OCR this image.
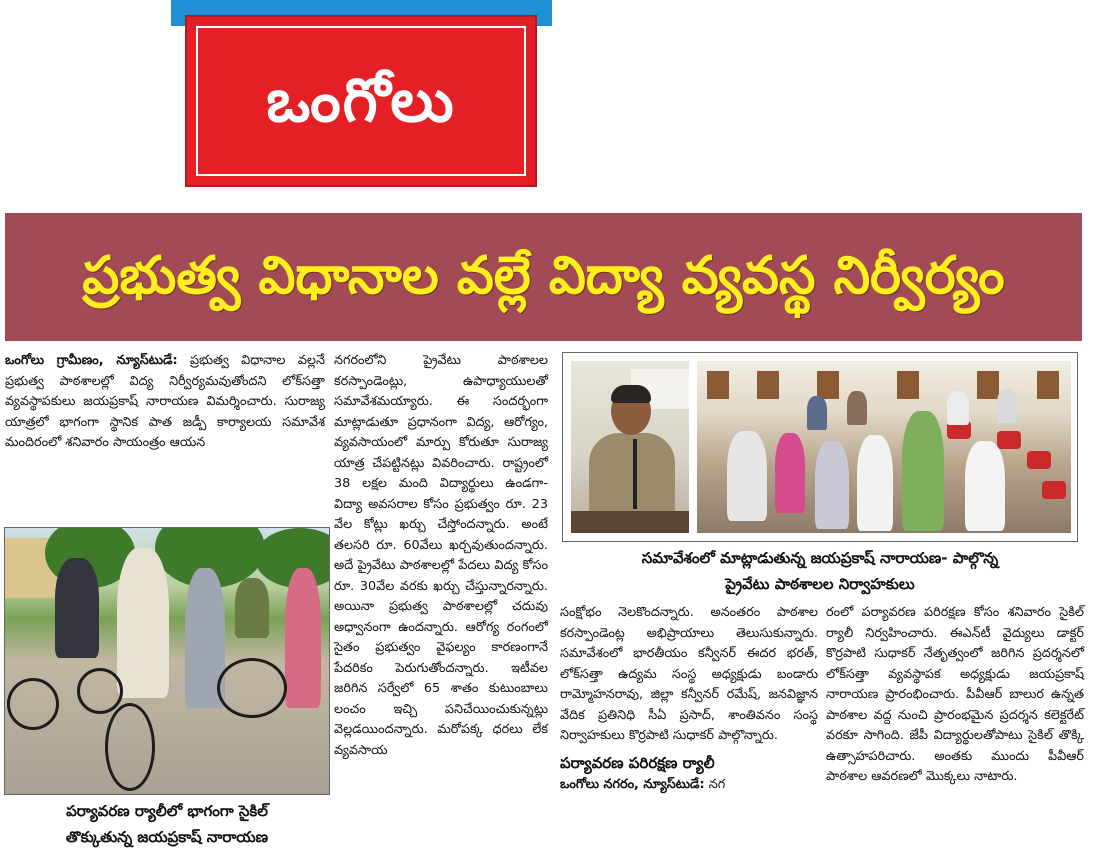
ఒంగోలు
ప్రభుత్వ విధానాల వల్లే విద్యా వ్యవస్థ నిర్వీర్యం

ఒంగోలు గ్రామీణం, న్యూస్‌టుడే: ప్రభుత్వ విధానాల వల్లనే ప్రభుత్వ పాఠశాలల్లో విద్య నిర్వీర్యమవుతోందని లోక్‌సత్తా వ్యవస్థాపకులు జయప్రకాష్ నారాయణ విమర్శించారు. సురాజ్య యాత్రలో భాగంగా స్థానిక పాత జడ్పీ కార్యాలయ సమావేశ మందిరంలో శనివారం సాయంత్రం ఆయన

నగరంలోని ప్రైవేటు పాఠశాలల కరస్పాండెంట్లు, ఉపాధ్యాయులతో సమావేశమయ్యారు. ఈ సందర్భంగా మాట్లాడుతూ ప్రధానంగా విద్య, ఆరోగ్యం, వ్యవసాయంలో మార్పు కోరుతూ సురాజ్య యాత్ర చేపట్టినట్లు వివరించారు. రాష్ట్రంలో 38 లక్షల మంది విద్యార్థులు ఉండగా- విద్యా అవసరాల కోసం ప్రభుత్వం రూ. 23 వేల కోట్లు ఖర్చు చేస్తోందన్నారు. అంటే తలసరి రూ. 60వేలు ఖర్చవుతుందన్నారు. అదే ప్రైవేటు పాఠశాలల్లో పేదలు విద్య కోసం రూ. 30వేల వరకు ఖర్చు చేస్తున్నారన్నారు. అయినా ప్రభుత్వ పాఠశాలల్లో చదువు అధ్వానంగా ఉందన్నారు. ఆరోగ్య రంగంలో సైతం ప్రభుత్వం వైఫల్యం కారణంగానే పేదరికం పెరుగుతోందన్నారు. ఇటీవల జరిగిన సర్వేలో 65 శాతం కుటుంబాలు లంచం ఇచ్చి పనిచేయించుకున్నట్లు వెల్లడయిందన్నారు. మరోపక్క ధరలు లేక వ్యవసాయ

సమావేశంలో మాట్లాడుతున్న జయప్రకాష్ నారాయణ- పాల్గొన్న
ప్రైవేటు పాఠశాలల నిర్వాహకులు
పర్యావరణ ర్యాలీలో భాగంగా సైకిల్
తొక్కుతున్న జయప్రకాష్ నారాయణ

సంక్షోభం నెలకొందన్నారు. అనంతరం పాఠశాల కరస్పాండెంట్ల అభిప్రాయాలు తెలుసుకున్నారు. సమావేశంలో భారతీయం కన్వీనర్ ఈదర భరత్, లోక్‌సత్తా ఉద్యమ సంస్థ అధ్యక్షుడు బండారు రామ్మోహనరావు, జిల్లా కన్వీనర్ రమేష్, జనవిజ్ఞాన వేదిక ప్రతినిధి సీఏ ప్రసాద్, శాంతివనం సంస్థ నిర్వాహకులు కొర్రపాటి సుధాకర్ పాల్గొన్నారు.

పర్యావరణ పరిరక్షణ ర్యాలీ

ఒంగోలు నగరం, న్యూస్‌టుడే: నగ

రంలో పర్యావరణ పరిరక్షణ కోసం శనివారం సైకిల్ ర్యాలీ నిర్వహించారు. ఈఎన్‌టీ వైద్యులు డాక్టర్ కొర్రపాటి సుధాకర్ నేతృత్వంలో జరిగిన ప్రదర్శనలో లోక్‌సత్తా వ్యవస్థాపక అధ్యక్షుడు జయప్రకాష్ నారాయణ ప్రారంభించారు. పీవీఆర్ బాలుర ఉన్నత పాఠశాల వద్ద నుంచి ప్రారంభమైన ప్రదర్శన కలెక్టరేట్ వరకూ సాగింది. జేపీ విద్యార్థులతోపాటు సైకిల్ తొక్కి ఉత్సాహపరిచారు. అంతకు ముందు పీవీఆర్ పాఠశాల ఆవరణలో మొక్కలు నాటారు.
